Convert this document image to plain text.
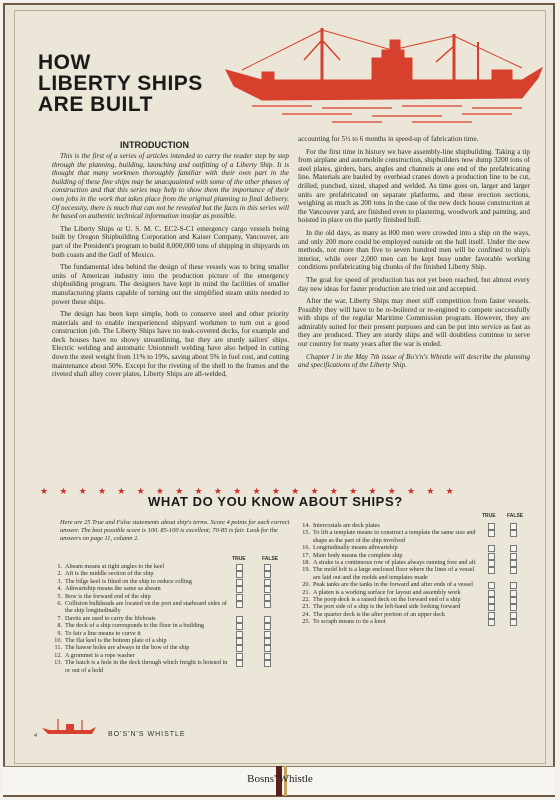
HOW
LIBERTY SHIPS
ARE BUILT
INTRODUCTION

This is the first of a series of articles intended to carry the reader step by step through the planning, building, launching and outfitting of a Liberty Ship. It is thought that many workmen thoroughly familiar with their own part in the building of these fine ships may be unacquainted with some of the other phases of construction and that this series may help to show them the importance of their own jobs in the work that takes place from the original planning to final delivery. Of necessity, there is much that can not be revealed but the facts in this series will be based on authentic technical information insofar as possible.

The Liberty Ships or U. S. M. C. EC2-S-C1 emergency cargo vessels being built by Oregon Shipbuilding Corporation and Kaiser Company, Vancouver, are part of the President's program to build 8,000,000 tons of shipping in shipyards on both coasts and the Gulf of Mexico.

The fundamental idea behind the design of these vessels was to bring smaller units of American industry into the production picture of the emergency shipbuilding program. The designers have kept in mind the facilities of smaller manufacturing plants capable of turning out the simplified steam units needed to power these ships.

The design has been kept simple, both to conserve steel and other priority materials and to enable inexperienced shipyard workmen to turn out a good construction job. The Liberty Ships have no teak-covered decks, for example and deck houses have no showy streamlining, but they are sturdy sailors' ships. Electric welding and automatic Unionmelt welding have also helped in cutting down the steel weight from 11% to 19%, saving about 5% in fuel cost, and cutting maintenance about 50%. Except for the riveting of the shell to the frames and the riveted shaft alley cover plates, Liberty Ships are all-welded,

accounting for 5½ to 6 months in speed-up of fabrication time.

For the first time in history we have assembly-line shipbuilding. Taking a tip from airplane and automobile construction, shipbuilders now dump 3200 tons of steel plates, girders, bars, angles and channels at one end of the prefabricating line. Materials are hauled by overhead cranes down a production line to be cut, drilled, punched, sized, shaped and welded. As time goes on, larger and larger units are prefabricated on separate platforms, and these erection sections, weighing as much as 200 tons in the case of the new deck house construction at the Vancouver yard, are finished even to plastering, woodwork and painting, and hoisted in place on the partly finished hull.

In the old days, as many as 800 men were crowded into a ship on the ways, and only 200 more could be employed outside on the hull itself. Under the new methods, not more than five to seven hundred men will be confined to ship's interior, while over 2,000 men can be kept busy under favorable working conditions prefabricating big chunks of the finished Liberty Ship.

The goal for speed of production has not yet been reached, but almost every day new ideas for faster production are tried out and accepted.

After the war, Liberty Ships may meet stiff competition from faster vessels. Possibly they will have to be re-boilered or re-engined to compete successfully with ships of the regular Maritime Commission program. However, they are admirably suited for their present purposes and can be put into service as fast as they are produced. They are sturdy ships and will doubtless continue to serve our country for many years after the war is ended.

Chapter I in the May 7th issue of Bo's'n's Whistle will describe the planning and specifications of the Liberty Ship.

★     ★     ★     ★     ★     ★     ★     ★     ★     ★     ★     ★     ★     ★     ★     ★     ★     ★     ★     ★     ★     ★
WHAT DO YOU KNOW ABOUT SHIPS?
Here are 25 True and False statements about ship's terms. Score 4 points for each correct answer. The best possible score is 100. 85-100 is excellent; 70-85 is fair. Look for the answers on page 11, column 2.
TRUE	FALSE
TRUE FALSE
1. Abeam means at right angles to the keel
2. Aft is the middle section of the ship
3. The bilge keel is fitted on the ship to reduce rolling
4. Athwartship means the same as abeam
5. Bow is the forward end of the ship
6. Collision bulkheads are located on the port and starboard sides of the ship longitudinally
7. Davits are used to carry the lifeboats
8. The deck of a ship corresponds to the floor in a building
9. To fair a line means to curve it
10. The flat keel is the bottom plate of a ship
11. The hawse holes are always in the bow of the ship
12. A grommet is a rope washer
13. The hatch is a hole in the deck through which freight is hoisted in or out of a hold
14. Intercostals are deck plates
15. To lift a template means to construct a template the same size and shape as the part of the ship involved
16. Longitudinally means athwartship
17. Main body means the complete ship
18. A strake is a continuous row of plates always running fore and aft
19. The mold loft is a large enclosed floor where the lines of a vessel are laid out and the molds and templates made
20. Peak tanks are the tanks in the forward and after ends of a vessel
21. A platen is a working surface for layout and assembly work
22. The poop deck is a raised deck on the forward end of a ship
23. The port side of a ship is the left-hand side looking forward
24. The quarter deck is the after portion of an upper deck
25. To scraph means to tie a knot
4	BO'S'N'S WHISTLE
Bosns' Whistle
